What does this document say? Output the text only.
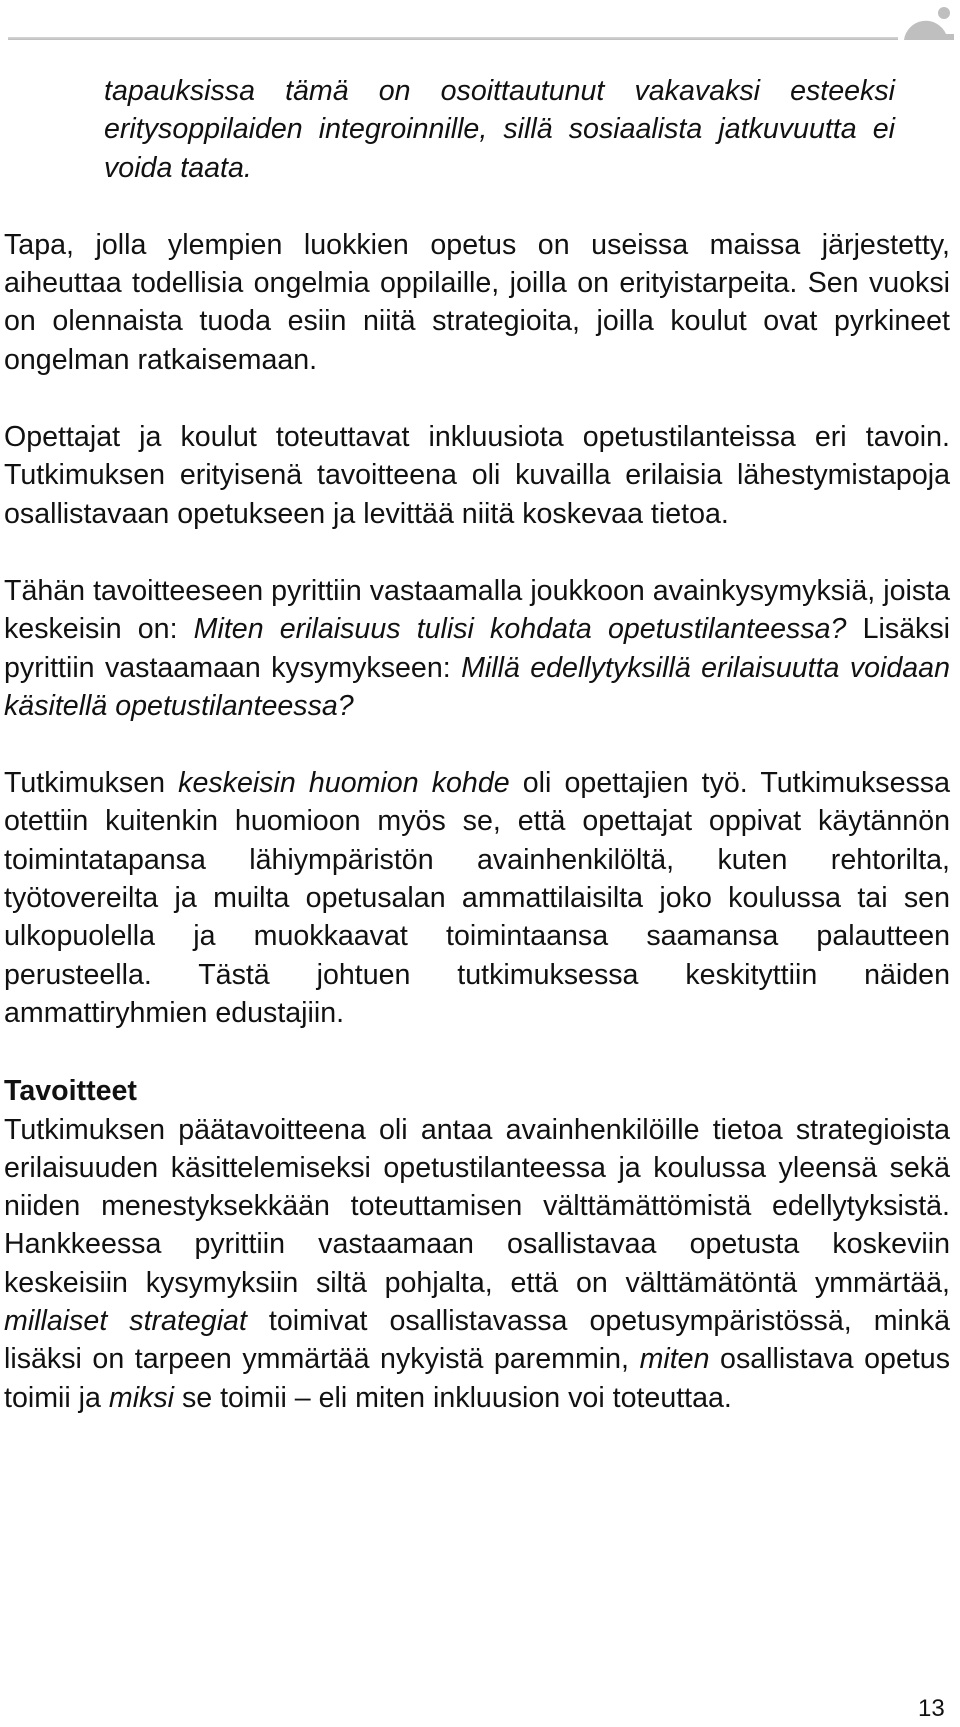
tapauksissa tämä on osoittautunut vakavaksi esteeksi eritysoppilaiden integroinnille, sillä sosiaalista jatkuvuutta ei voida taata.

Tapa, jolla ylempien luokkien opetus on useissa maissa järjestetty, aiheuttaa todellisia ongelmia oppilaille, joilla on erityistarpeita. Sen vuoksi on olennaista tuoda esiin niitä strategioita, joilla koulut ovat pyrkineet ongelman ratkaisemaan.

Opettajat ja koulut toteuttavat inkluusiota opetustilanteissa eri tavoin. Tutkimuksen erityisenä tavoitteena oli kuvailla erilaisia lähestymistapoja osallistavaan opetukseen ja levittää niitä koskevaa tietoa.

Tähän tavoitteeseen pyrittiin vastaamalla joukkoon avainkysymyksiä, joista keskeisin on: Miten erilaisuus tulisi kohdata opetustilanteessa? Lisäksi pyrittiin vastaamaan kysymykseen: Millä edellytyksillä erilaisuutta voidaan käsitellä opetustilanteessa?

Tutkimuksen keskeisin huomion kohde oli opettajien työ. Tutkimuksessa otettiin kuitenkin huomioon myös se, että opettajat oppivat käytännön toimintatapansa lähiympäristön avainhenkilöltä, kuten rehtorilta, työtovereilta ja muilta opetusalan ammattilaisilta joko koulussa tai sen ulkopuolella ja muokkaavat toimintaansa saamansa palautteen perusteella. Tästä johtuen tutkimuksessa keskityttiin näiden ammattiryhmien edustajiin.

Tavoitteet

Tutkimuksen päätavoitteena oli antaa avainhenkilöille tietoa strategioista erilaisuuden käsittelemiseksi opetustilanteessa ja koulussa yleensä sekä niiden menestyksekkään toteuttamisen välttämättömistä edellytyksistä. Hankkeessa pyrittiin vastaamaan osallistavaa opetusta koskeviin keskeisiin kysymyksiin siltä pohjalta, että on välttämätöntä ymmärtää, millaiset strategiat toimivat osallistavassa opetusympäristössä, minkä lisäksi on tarpeen ymmärtää nykyistä paremmin, miten osallistava opetus toimii ja miksi se toimii – eli miten inkluusion voi toteuttaa.

13
